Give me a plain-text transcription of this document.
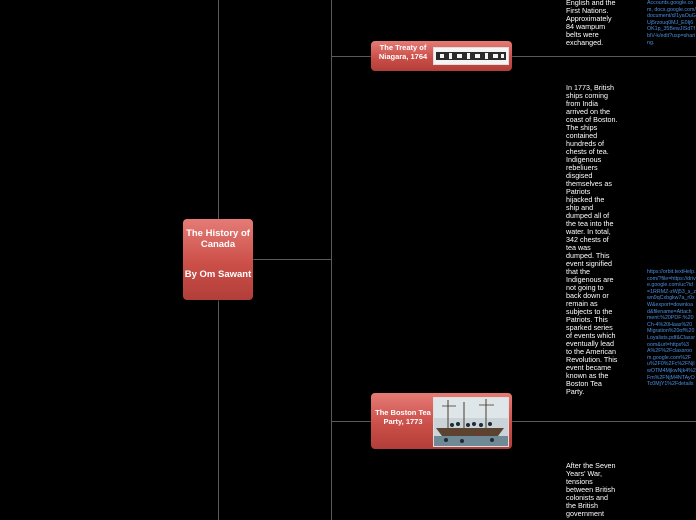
The History of Canada
By Om Sawant
The Treaty of Niagara, 1764
The Boston Tea Party, 1773
English and the First Nations. Approximately 84 wampum belts were exchanged.
In 1773, British ships coming from India arrived on the coast of Boston. The ships contained hundreds of chests of tea. Indigenous rebeliuers disgised themselves as Patriots hijacked the ship and dumped all of the tea into the water. In total, 342 chests of tea was dumped. This event signified that the Indigenous are not going to back down or remain as subjects to the Patriots. This sparked series of events which eventually lead to the American Revolution. This event became known as the Boston Tea Party.
After the Seven Years' War, tensions between British colonists and the British government
Accounts.google.com, docs.google.com/document/d/1yaOuGUj5rzouq0MJ_E0Ij6OK1p_35BewJISdTfbIV-k/edit?usp=sharing.
https://orbit.textHelp.com/?file=https://drive.google.com/uc?id=1RRMZ-zWj53_s_zwn9qCxbgkw7a_r0xW&export=download&filename=Attachment:%20PDF:%20Ch-4%20Haas%20Migration%20of%20Loyalists.pdf&Classroom&url=https%3A%2F%2Fclassroom.google.com%2Fu%2F0%2Fc%2FNjIwOTM4MjkwNjk4%2Fm%2FNjM4NTAyOTc0MjY1%2Fdetails
